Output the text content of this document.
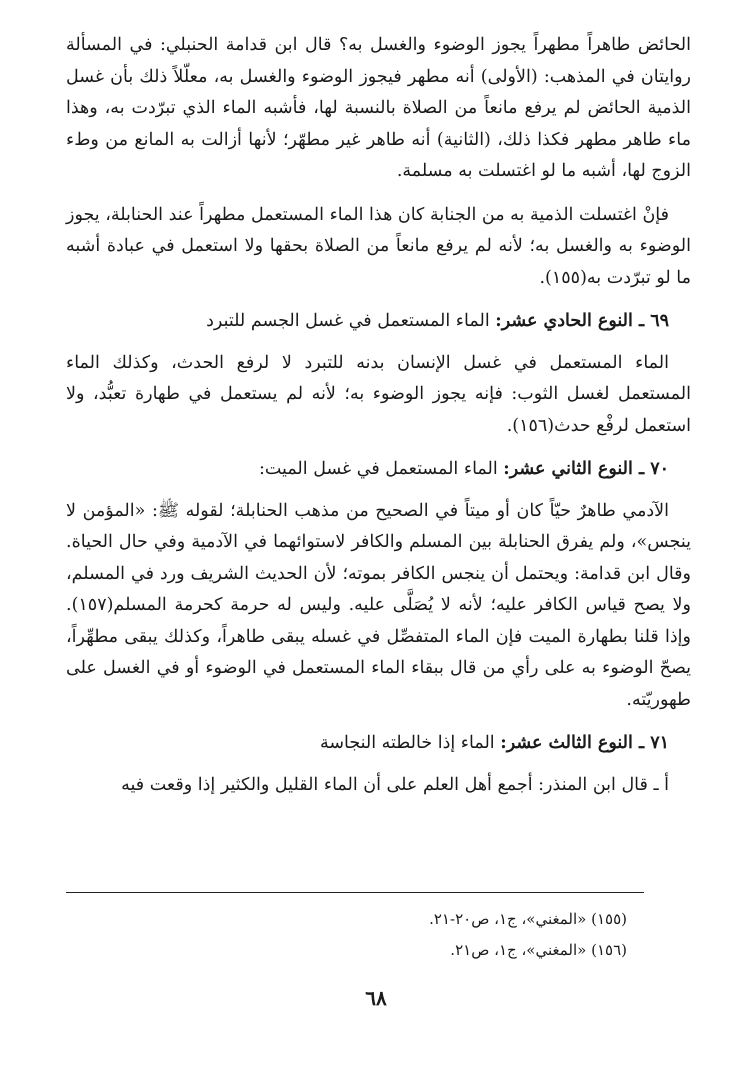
الحائض طاهراً مطهراً يجوز الوضوء والغسل به؟ قال ابن قدامة الحنبلي: في المسألة روايتان في المذهب: (الأولى) أنه مطهر فيجوز الوضوء والغسل به، معلّلاً ذلك بأن غسل الذمية الحائض لم يرفع مانعاً من الصلاة بالنسبة لها، فأشبه الماء الذي تبرّدت به، وهذا ماء طاهر مطهر فكذا ذلك، (الثانية) أنه طاهر غير مطهّر؛ لأنها أزالت به المانع من وطء الزوج لها، أشبه ما لو اغتسلت به مسلمة.

فإنْ اغتسلت الذمية به من الجنابة كان هذا الماء المستعمل مطهراً عند الحنابلة، يجوز الوضوء به والغسل به؛ لأنه لم يرفع مانعاً من الصلاة بحقها ولا استعمل في عبادة أشبه ما لو تبرّدت به(١٥٥).

٦٩ ـ النوع الحادي عشر: الماء المستعمل في غسل الجسم للتبرد

الماء المستعمل في غسل الإنسان بدنه للتبرد لا لرفع الحدث، وكذلك الماء المستعمل لغسل الثوب: فإنه يجوز الوضوء به؛ لأنه لم يستعمل في طهارة تعبُّد، ولا استعمل لرفْع حدث(١٥٦).

٧٠ ـ النوع الثاني عشر: الماء المستعمل في غسل الميت:

الآدمي طاهرٌ حيّاً كان أو ميتاً في الصحيح من مذهب الحنابلة؛ لقوله ﷺ: «المؤمن لا ينجس»، ولم يفرق الحنابلة بين المسلم والكافر لاستوائهما في الآدمية وفي حال الحياة. وقال ابن قدامة: ويحتمل أن ينجس الكافر بموته؛ لأن الحديث الشريف ورد في المسلم، ولا يصح قياس الكافر عليه؛ لأنه لا يُصَلَّى عليه. وليس له حرمة كحرمة المسلم(١٥٧). وإذا قلنا بطهارة الميت فإن الماء المتفصِّل في غسله يبقى طاهراً، وكذلك يبقى مطهِّراً، يصحّ الوضوء به على رأي من قال ببقاء الماء المستعمل في الوضوء أو في الغسل على طهوريّته.

٧١ ـ النوع الثالث عشر: الماء إذا خالطته النجاسة

أ ـ قال ابن المنذر: أجمع أهل العلم على أن الماء القليل والكثير إذا وقعت فيه

(١٥٥) «المغني»، ج١، ص٢٠-٢١.
(١٥٦) «المغني»، ج١، ص٢١.
٦٨
